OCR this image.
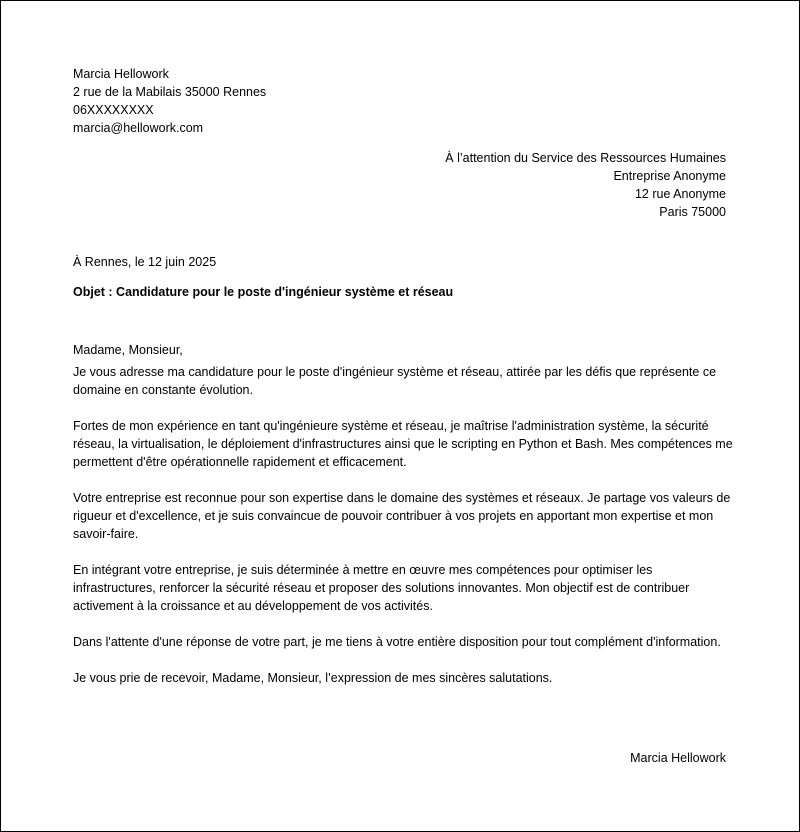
Marcia Hellowork
2 rue de la Mabilais 35000 Rennes
06XXXXXXXX
marcia@hellowork.com
À l’attention du Service des Ressources Humaines
Entreprise Anonyme
12 rue Anonyme
Paris 75000
À Rennes, le 12 juin 2025
Objet : Candidature pour le poste d'ingénieur système et réseau

Madame, Monsieur,

Je vous adresse ma candidature pour le poste d'ingénieur système et réseau, attirée par les défis que représente ce domaine en constante évolution.

Fortes de mon expérience en tant qu'ingénieure système et réseau, je maîtrise l'administration système, la sécurité réseau, la virtualisation, le déploiement d'infrastructures ainsi que le scripting en Python et Bash. Mes compétences me permettent d'être opérationnelle rapidement et efficacement.

Votre entreprise est reconnue pour son expertise dans le domaine des systèmes et réseaux. Je partage vos valeurs de rigueur et d'excellence, et je suis convaincue de pouvoir contribuer à vos projets en apportant mon expertise et mon savoir-faire.

En intégrant votre entreprise, je suis déterminée à mettre en œuvre mes compétences pour optimiser les infrastructures, renforcer la sécurité réseau et proposer des solutions innovantes. Mon objectif est de contribuer activement à la croissance et au développement de vos activités.

Dans l'attente d'une réponse de votre part, je me tiens à votre entière disposition pour tout complément d'information.

Je vous prie de recevoir, Madame, Monsieur, l’expression de mes sincères salutations.

Marcia Hellowork
